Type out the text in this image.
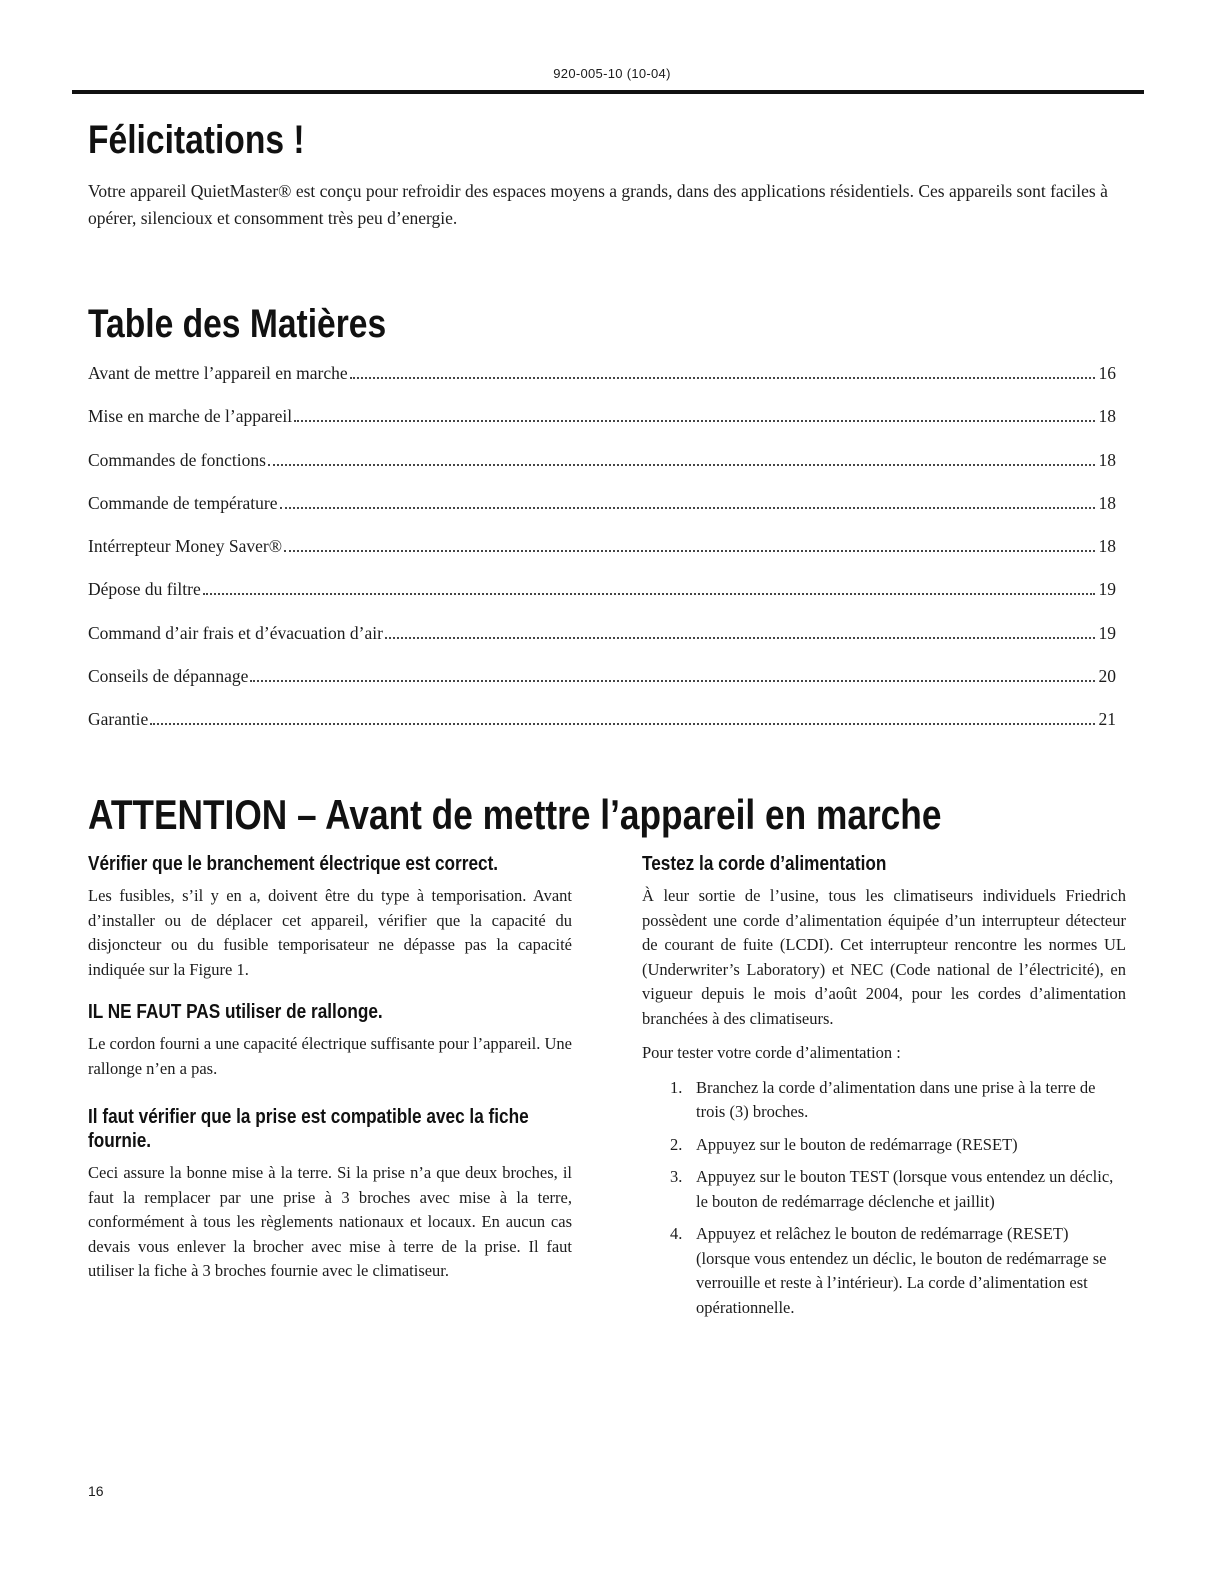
920-005-10 (10-04)
Félicitations !

Votre appareil QuietMaster® est conçu pour refroidir des espaces moyens a grands, dans des applications résidentiels. Ces appareils sont faciles à opérer, silencioux et consomment très peu d’energie.

Table des Matières
Avant de mettre l’appareil en marche	16
Mise en marche de l’appareil	18
Commandes de fonctions	18
Commande de température	18
Intérrepteur Money Saver®	18
Dépose du filtre	19
Command d’air frais et d’évacuation d’air	19
Conseils de dépannage	20
Garantie	21
ATTENTION – Avant de mettre l’appareil en marche
Vérifier que le branchement électrique est correct.

Les fusibles, s’il y en a, doivent être du type à temporisation. Avant d’installer ou de déplacer cet appareil, vérifier que la capacité du disjoncteur ou du fusible temporisateur ne dépasse pas la capacité indiquée sur la Figure 1.

IL NE FAUT PAS utiliser de rallonge.

Le cordon fourni a une capacité électrique suffisante pour l’appareil. Une rallonge n’en a pas.

Il faut vérifier que la prise est compatible avec la fiche fournie.

Ceci assure la bonne mise à la terre. Si la prise n’a que deux broches, il faut la remplacer par une prise à 3 broches avec mise à la terre, conformément à tous les règlements nationaux et locaux. En aucun cas devais vous enlever la brocher avec mise à terre de la prise. Il faut utiliser la fiche à 3 broches fournie avec le climatiseur.

Testez la corde d’alimentation

À leur sortie de l’usine, tous les climatiseurs individuels Friedrich possèdent une corde d’alimentation équipée d’un interrupteur détecteur de courant de fuite (LCDI). Cet interrupteur rencontre les normes UL (Underwriter’s Laboratory) et NEC (Code national de l’électricité), en vigueur depuis le mois d’août 2004, pour les cordes d’alimentation branchées à des climatiseurs.

Pour tester votre corde d’alimentation :

1. Branchez la corde d’alimentation dans une prise à la terre de trois (3) broches.
2. Appuyez sur le bouton de redémarrage (RESET)
3. Appuyez sur le bouton TEST (lorsque vous entendez un déclic, le bouton de redémarrage déclenche et jaillit)
4. Appuyez et relâchez le bouton de redémarrage (RESET) (lorsque vous entendez un déclic, le bouton de redémarrage se verrouille et reste à l’intérieur). La corde d’alimentation est opérationnelle.
16
